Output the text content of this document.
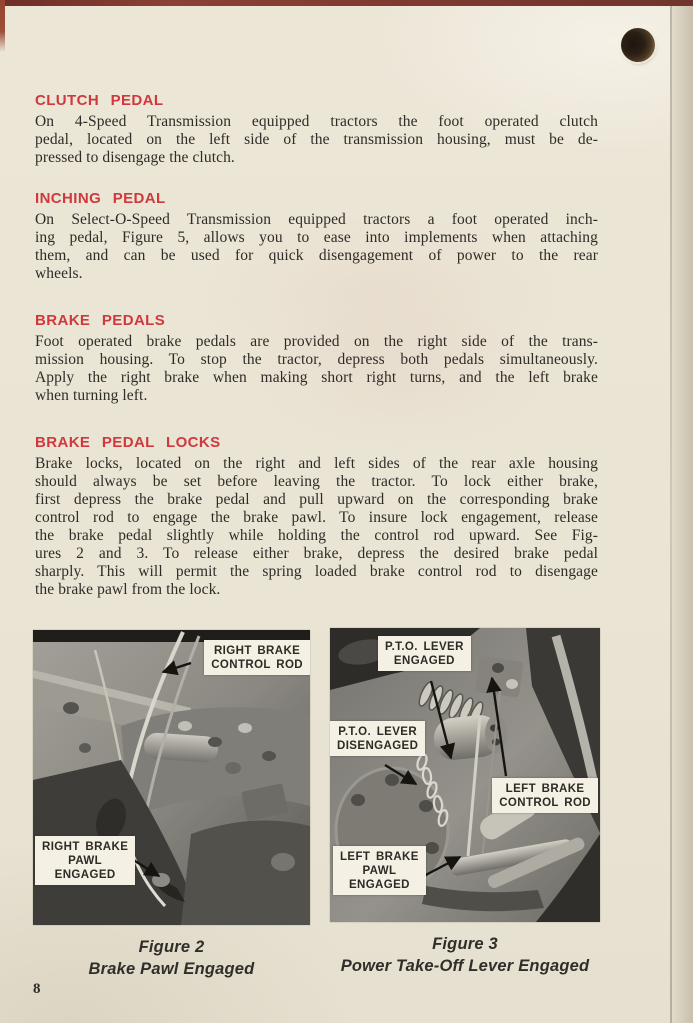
CLUTCH PEDAL
On 4-Speed Transmission equipped tractors the foot operated clutch
pedal, located on the left side of the transmission housing, must be de-
pressed to disengage the clutch.
INCHING PEDAL
On Select-O-Speed Transmission equipped tractors a foot operated inch-
ing pedal, Figure 5, allows you to ease into implements when attaching
them, and can be used for quick disengagement of power to the rear
wheels.
BRAKE PEDALS
Foot operated brake pedals are provided on the right side of the trans-
mission housing. To stop the tractor, depress both pedals simultaneously.
Apply the right brake when making short right turns, and the left brake
when turning left.
BRAKE PEDAL LOCKS
Brake locks, located on the right and left sides of the rear axle housing
should always be set before leaving the tractor. To lock either brake,
first depress the brake pedal and pull upward on the corresponding brake
control rod to engage the brake pawl. To insure lock engagement, release
the brake pedal slightly while holding the control rod upward. See Fig-
ures 2 and 3. To release either brake, depress the desired brake pedal
sharply. This will permit the spring loaded brake control rod to disengage
the brake pawl from the lock.
RIGHT BRAKE
CONTROL ROD
RIGHT BRAKE
PAWL
ENGAGED
Figure 2
Brake Pawl Engaged
P.T.O. LEVER
ENGAGED
P.T.O. LEVER
DISENGAGED
LEFT BRAKE
CONTROL ROD
LEFT BRAKE
PAWL
ENGAGED
Figure 3
Power Take-Off Lever Engaged
8
